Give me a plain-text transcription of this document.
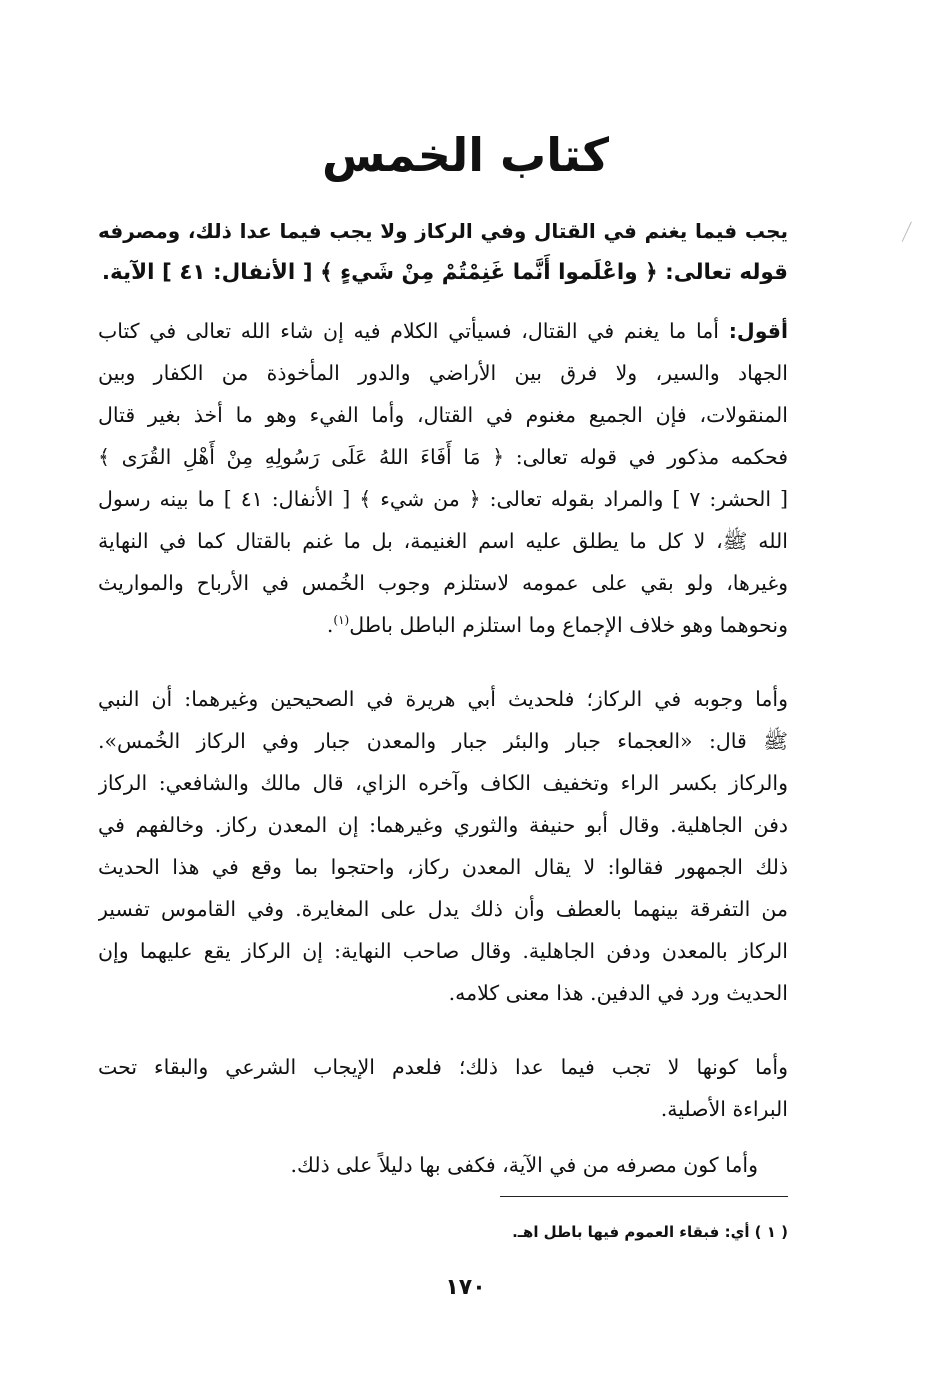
كتاب الخمس
يجب فيما يغنم في القتال وفي الركاز ولا يجب فيما عدا ذلك، ومصرفه
قوله تعالى: ﴿ واعْلَموا أَنَّما غَنِمْتُمْ مِنْ شَيءٍ ﴾ [ الأنفال: ٤١ ] الآية.
أقول: أما ما يغنم في القتال، فسيأتي الكلام فيه إن شاء الله تعالى في كتاب
الجهاد والسير، ولا فرق بين الأراضي والدور المأخوذة من الكفار وبين
المنقولات، فإن الجميع مغنوم في القتال، وأما الفيء وهو ما أخذ بغير قتال
فحكمه مذكور في قوله تعالى: ﴿ مَا أَفَاءَ اللهُ عَلَى رَسُولِهِ مِنْ أَهْلِ القُرَى ﴾
[ الحشر: ٧ ] والمراد بقوله تعالى: ﴿ من شيء ﴾ [ الأنفال: ٤١ ] ما بينه رسول
الله ﷺ، لا كل ما يطلق عليه اسم الغنيمة، بل ما غنم بالقتال كما في النهاية
وغيرها، ولو بقي على عمومه لاستلزم وجوب الخُمس في الأرباح والمواريث
ونحوهما وهو خلاف الإجماع وما استلزم الباطل باطل$^{(١)}$.
وأما وجوبه في الركاز؛ فلحديث أبي هريرة في الصحيحين وغيرهما: أن النبي
ﷺ قال: «العجماء جبار والبئر جبار والمعدن جبار وفي الركاز الخُمس».
والركاز بكسر الراء وتخفيف الكاف وآخره الزاي، قال مالك والشافعي: الركاز
دفن الجاهلية. وقال أبو حنيفة والثوري وغيرهما: إن المعدن ركاز. وخالفهم في
ذلك الجمهور فقالوا: لا يقال المعدن ركاز، واحتجوا بما وقع في هذا الحديث
من التفرقة بينهما بالعطف وأن ذلك يدل على المغايرة. وفي القاموس تفسير
الركاز بالمعدن ودفن الجاهلية. وقال صاحب النهاية: إن الركاز يقع عليهما وإن
الحديث ورد في الدفين. هذا معنى كلامه.
وأما كونها لا تجب فيما عدا ذلك؛ فلعدم الإيجاب الشرعي والبقاء تحت
البراءة الأصلية.
وأما كون مصرفه من في الآية، فكفى بها دليلاً على ذلك.
( ١ ) أي: فبقاء العموم فيها باطل اهـ.
١٧٠
